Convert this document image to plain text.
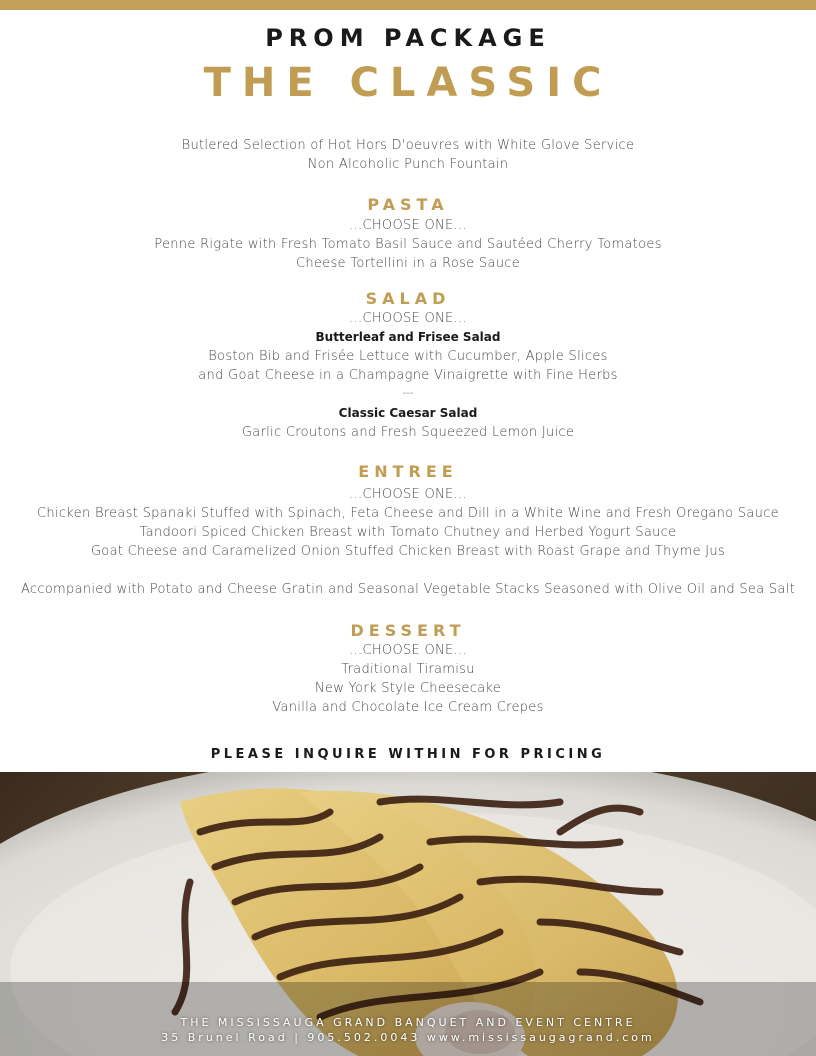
PROM PACKAGE
THE CLASSIC
Butlered Selection of Hot Hors D'oeuvres with White Glove Service
Non Alcoholic Punch Fountain
PASTA
...CHOOSE ONE...
Penne Rigate with Fresh Tomato Basil Sauce and Sautéed Cherry Tomatoes
Cheese Tortellini in a Rose Sauce
SALAD
...CHOOSE ONE...
Butterleaf and Frisee Salad
Boston Bib and Frisée Lettuce with Cucumber, Apple Slices
and Goat Cheese in a Champagne Vinaigrette with Fine Herbs
---
Classic Caesar Salad
Garlic Croutons and Fresh Squeezed Lemon Juice
ENTREE
...CHOOSE ONE...
Chicken Breast Spanaki Stuffed with Spinach, Feta Cheese and Dill in a White Wine and Fresh Oregano Sauce
Tandoori Spiced Chicken Breast with Tomato Chutney and Herbed Yogurt Sauce
Goat Cheese and Caramelized Onion Stuffed Chicken Breast with Roast Grape and Thyme Jus
Accompanied with Potato and Cheese Gratin and Seasonal Vegetable Stacks Seasoned with Olive Oil and Sea Salt
DESSERT
...CHOOSE ONE...
Traditional Tiramisu
New York Style Cheesecake
Vanilla and Chocolate Ice Cream Crepes
PLEASE INQUIRE WITHIN FOR PRICING
THE MISSISSAUGA GRAND BANQUET AND EVENT CENTRE
35 Brunel Road | 905.502.0043 www.mississaugagrand.com
